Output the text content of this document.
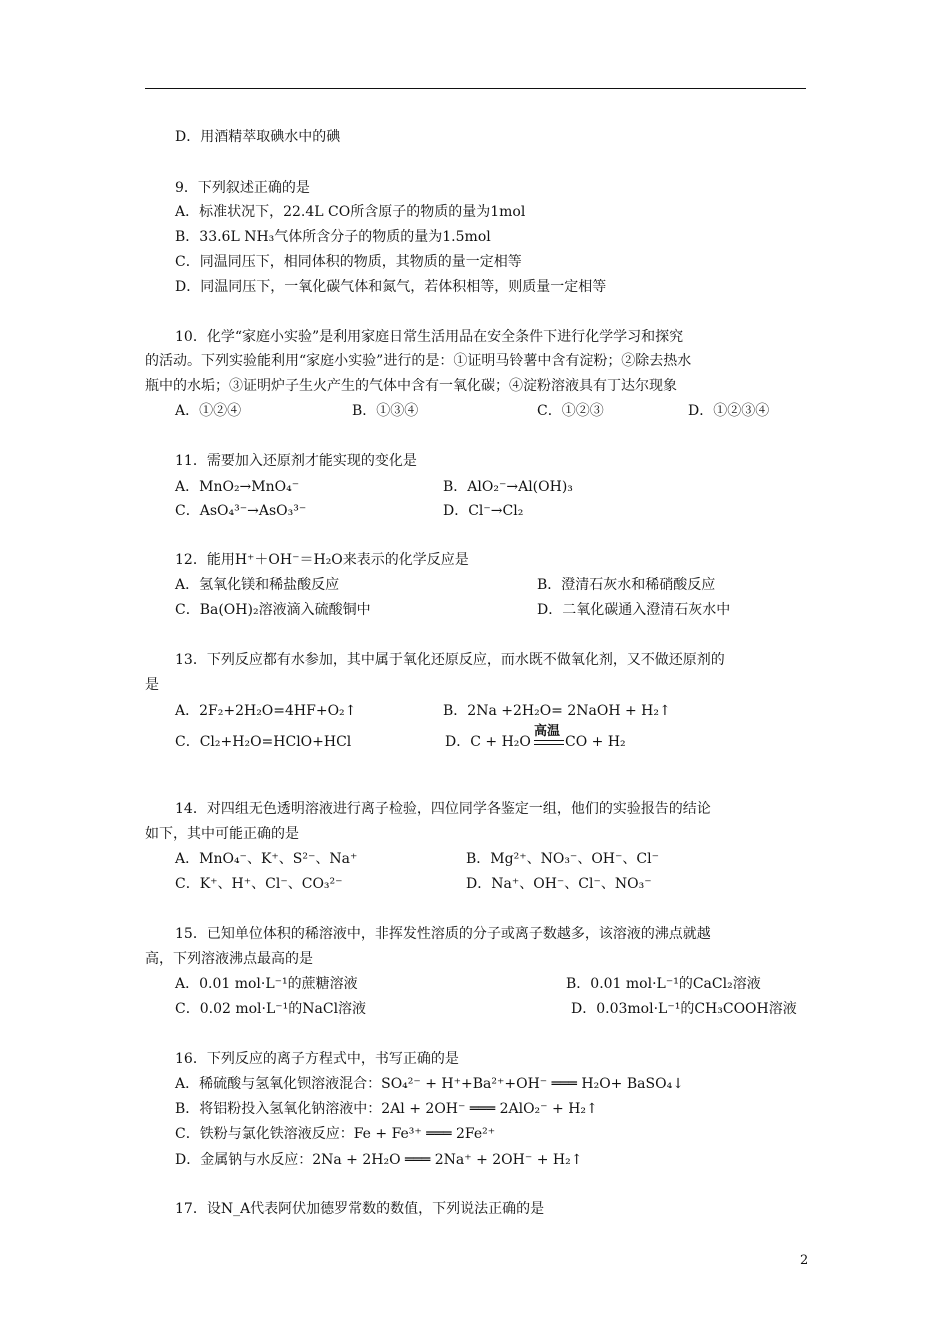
D．用酒精萃取碘水中的碘
9．下列叙述正确的是
A．标准状况下，22.4L CO所含原子的物质的量为1mol
B．33.6L NH₃气体所含分子的物质的量为1.5mol
C．同温同压下，相同体积的物质，其物质的量一定相等
D．同温同压下，一氧化碳气体和氮气，若体积相等，则质量一定相等
10．化学“家庭小实验”是利用家庭日常生活用品在安全条件下进行化学学习和探究
的活动。下列实验能利用“家庭小实验”进行的是：①证明马铃薯中含有淀粉；②除去热水
瓶中的水垢；③证明炉子生火产生的气体中含有一氧化碳；④淀粉溶液具有丁达尔现象
A．①②④	B．①③④	C．①②③	D．①②③④
11．需要加入还原剂才能实现的变化是
A．MnO₂→MnO₄⁻	B．AlO₂⁻→Al(OH)₃
C．AsO₄³⁻→AsO₃³⁻	D．Cl⁻→Cl₂
12．能用H⁺＋OH⁻＝H₂O来表示的化学反应是
A．氢氧化镁和稀盐酸反应	B．澄清石灰水和稀硝酸反应
C．Ba(OH)₂溶液滴入硫酸铜中	D．二氧化碳通入澄清石灰水中
13．下列反应都有水参加，其中属于氧化还原反应，而水既不做氧化剂，又不做还原剂的
是
A．2F₂+2H₂O=4HF+O₂↑	B．2Na +2H₂O= 2NaOH + H₂↑
C．Cl₂+H₂O=HClO+HCl	D．C + H₂O CO + H₂
14．对四组无色透明溶液进行离子检验，四位同学各鉴定一组，他们的实验报告的结论
如下，其中可能正确的是
A．MnO₄⁻、K⁺、S²⁻、Na⁺	B．Mg²⁺、NO₃⁻、OH⁻、Cl⁻
C．K⁺、H⁺、Cl⁻、CO₃²⁻	D．Na⁺、OH⁻、Cl⁻、NO₃⁻
15．已知单位体积的稀溶液中，非挥发性溶质的分子或离子数越多，该溶液的沸点就越
高，下列溶液沸点最高的是
A．0.01 mol·L⁻¹的蔗糖溶液	B．0.01 mol·L⁻¹的CaCl₂溶液
C．0.02 mol·L⁻¹的NaCl溶液	D．0.03mol·L⁻¹的CH₃COOH溶液
16．下列反应的离子方程式中，书写正确的是
A．稀硫酸与氢氧化钡溶液混合：SO₄²⁻ + H⁺+Ba²⁺+OH⁻ ═══ H₂O+ BaSO₄↓
B．将铝粉投入氢氧化钠溶液中：2Al + 2OH⁻ ═══ 2AlO₂⁻ + H₂↑
C．铁粉与氯化铁溶液反应：Fe + Fe³⁺ ═══ 2Fe²⁺
D．金属钠与水反应：2Na + 2H₂O ═══ 2Na⁺ + 2OH⁻ + H₂↑
17．设N_A代表阿伏加德罗常数的数值，下列说法正确的是
高温
2
